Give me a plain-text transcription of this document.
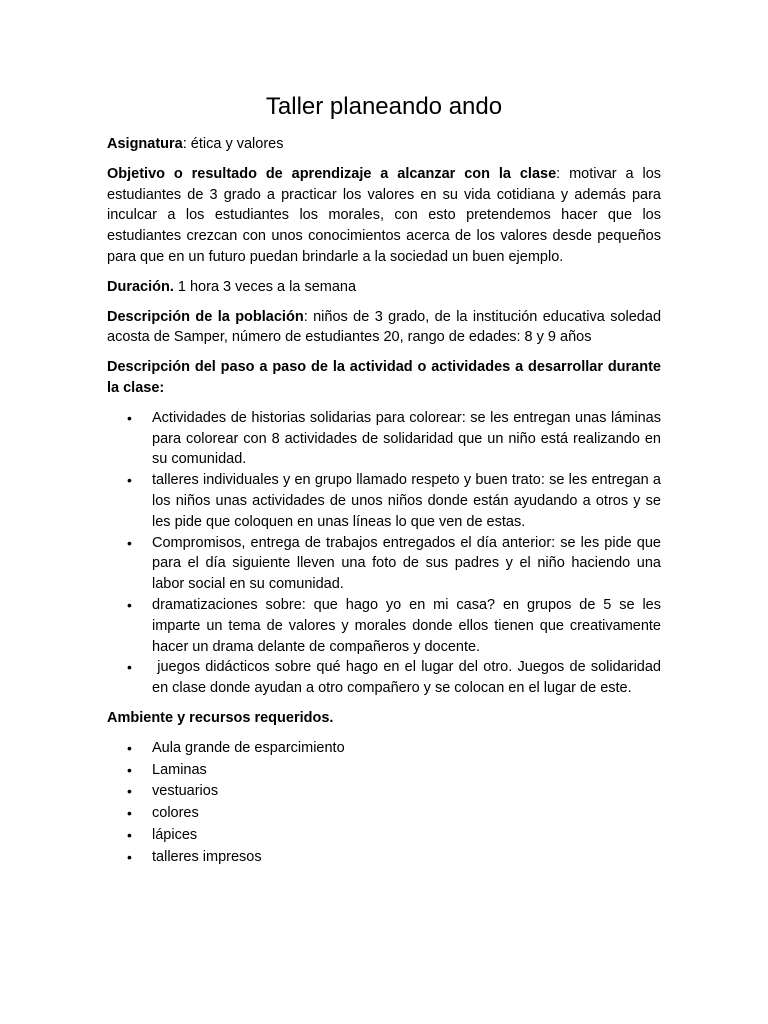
Taller planeando ando

Asignatura: ética y valores

Objetivo o resultado de aprendizaje a alcanzar con la clase: motivar a los estudiantes de 3 grado a practicar los valores en su vida cotidiana y además para inculcar a los estudiantes los morales, con esto pretendemos hacer que los estudiantes crezcan con unos conocimientos acerca de los valores desde pequeños para que en un futuro puedan brindarle a la sociedad un buen ejemplo.

Duración. 1 hora 3 veces a la semana

Descripción de la población: niños de 3 grado, de la institución educativa soledad acosta de Samper, número de estudiantes 20, rango de edades: 8 y 9 años

Descripción del paso a paso de la actividad o actividades a desarrollar durante la clase:

• Actividades de historias solidarias para colorear: se les entregan unas láminas para colorear con 8 actividades de solidaridad que un niño está realizando en su comunidad.
• talleres individuales y en grupo llamado respeto y buen trato: se les entregan a los niños unas actividades de unos niños donde están ayudando a otros y se les pide que coloquen en unas líneas lo que ven de estas.
• Compromisos, entrega de trabajos entregados el día anterior: se les pide que para el día siguiente lleven una foto de sus padres y el niño haciendo una labor social en su comunidad.
• dramatizaciones sobre: que hago yo en mi casa? en grupos de 5 se les imparte un tema de valores y morales donde ellos tienen que creativamente hacer un drama delante de compañeros y docente.
• juegos didácticos sobre qué hago en el lugar del otro. Juegos de solidaridad en clase donde ayudan a otro compañero y se colocan en el lugar de este.

Ambiente y recursos requeridos.

• Aula grande de esparcimiento
• Laminas
• vestuarios
• colores
• lápices
• talleres impresos
